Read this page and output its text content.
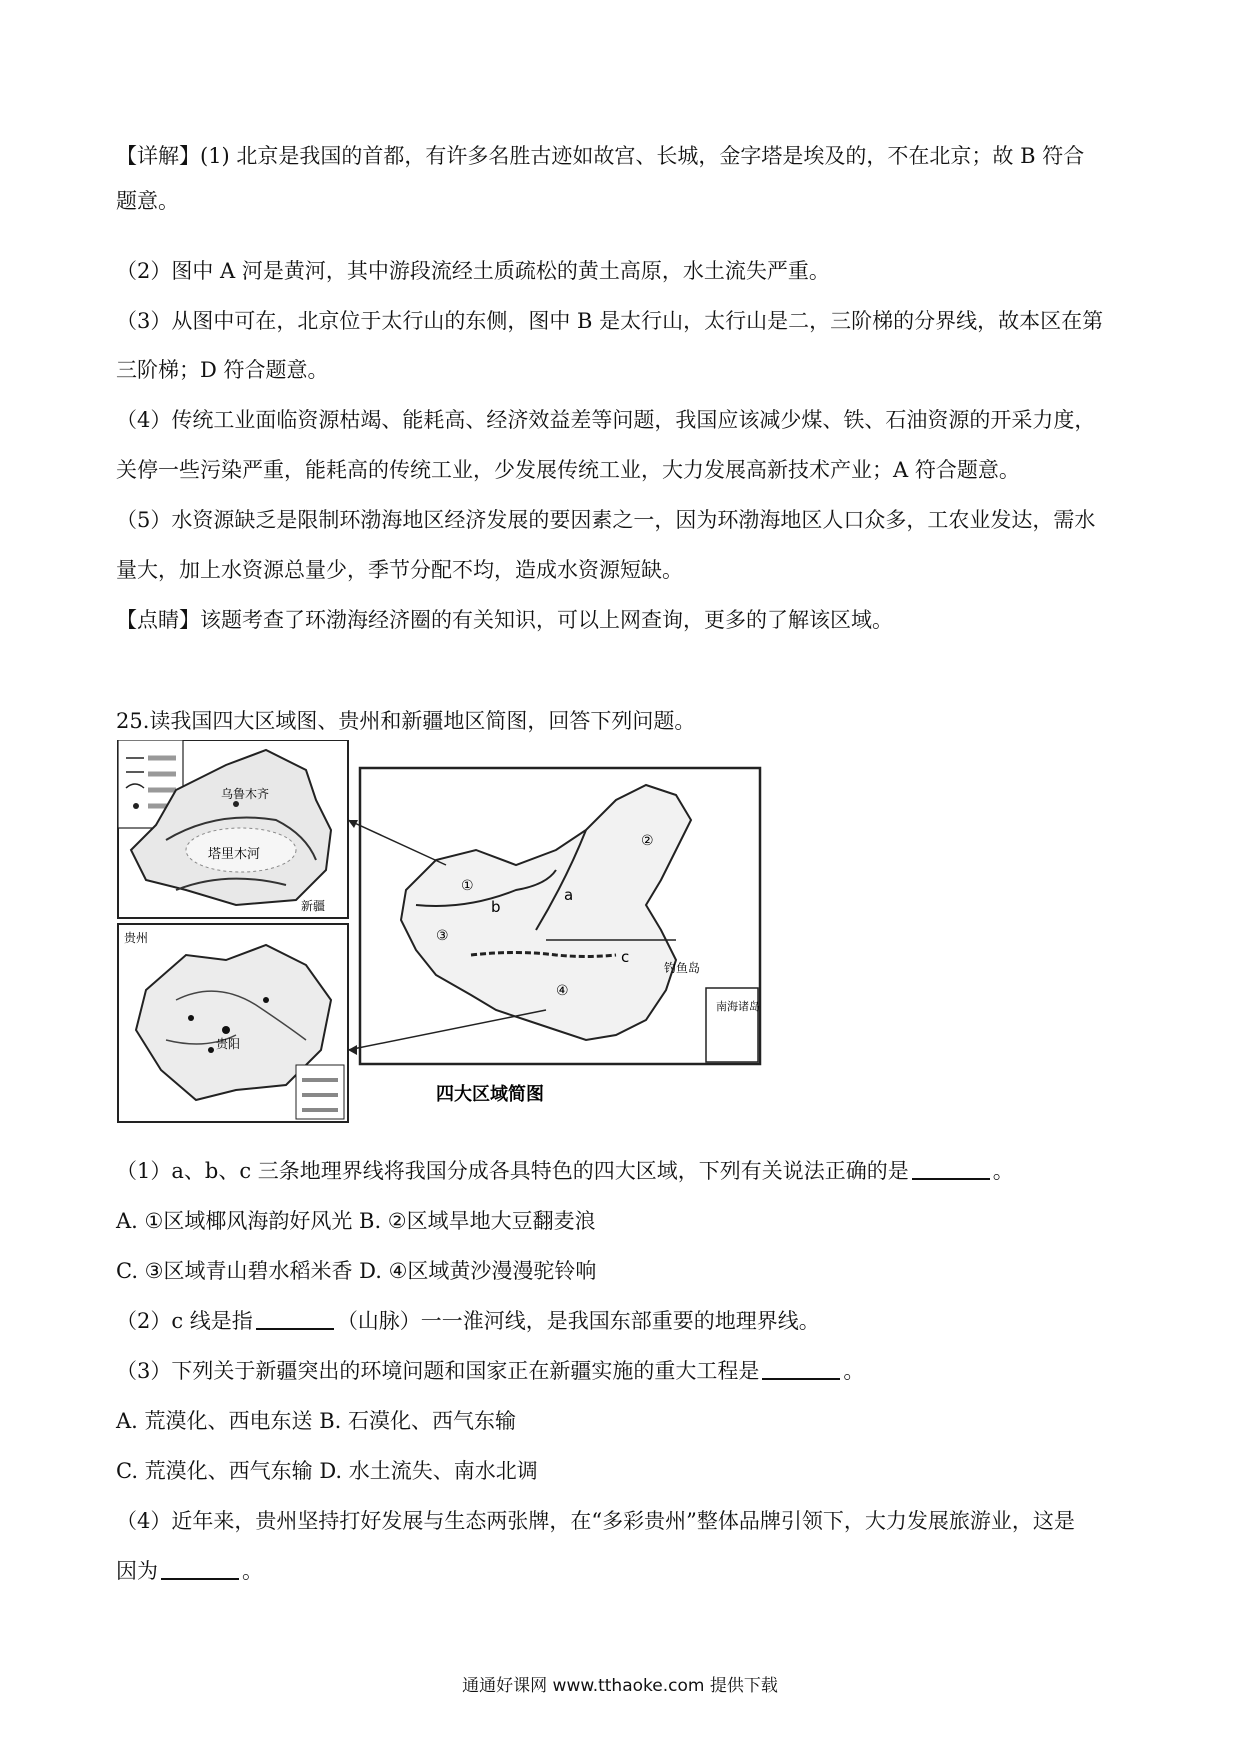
【详解】(1) 北京是我国的首都，有许多名胜古迹如故宫、长城，金字塔是埃及的，不在北京；故 B 符合
题意。
（2）图中 A 河是黄河，其中游段流经土质疏松的黄土高原，水土流失严重。
（3）从图中可在，北京位于太行山的东侧，图中 B 是太行山，太行山是二，三阶梯的分界线，故本区在第
三阶梯；D 符合题意。
（4）传统工业面临资源枯竭、能耗高、经济效益差等问题，我国应该减少煤、铁、石油资源的开采力度，
关停一些污染严重，能耗高的传统工业，少发展传统工业，大力发展高新技术产业；A 符合题意。
（5）水资源缺乏是限制环渤海地区经济发展的要因素之一，因为环渤海地区人口众多，工农业发达，需水
量大，加上水资源总量少，季节分配不均，造成水资源短缺。
【点睛】该题考查了环渤海经济圈的有关知识，可以上网查询，更多的了解该区域。
25.读我国四大区域图、贵州和新疆地区简图，回答下列问题。
塔里木河
乌鲁木齐
新疆
贵州
贵阳
①
②
③
④
a
b
c
钓鱼岛
南海诸岛
四大区域简图
（1）a、b、c 三条地理界线将我国分成各具特色的四大区域，下列有关说法正确的是	。
A. ①区域椰风海韵好风光 B. ②区域旱地大豆翻麦浪
C. ③区域青山碧水稻米香 D. ④区域黄沙漫漫驼铃响
（2）c 线是指	（山脉）一一淮河线，是我国东部重要的地理界线。
（3）下列关于新疆突出的环境问题和国家正在新疆实施的重大工程是	。
A. 荒漠化、西电东送 B. 石漠化、西气东输
C. 荒漠化、西气东输 D. 水土流失、南水北调
（4）近年来，贵州坚持打好发展与生态两张牌，在“多彩贵州”整体品牌引领下，大力发展旅游业，这是
因为	。
通通好课网 www.tthaoke.com 提供下载
